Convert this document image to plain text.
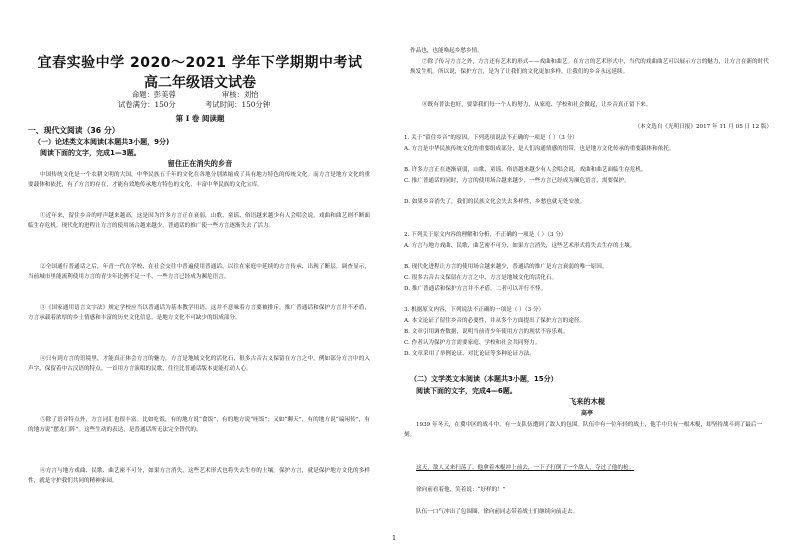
宜春实验中学 2020～2021 学年下学期期中考试
高二年级语文试卷
命题：彭美蓉	审核：刘怡
试卷满分：150分	考试时间：150分钟
第 Ⅰ 卷 阅读题
一、现代文阅读（36 分）
（一）论述类文本阅读(本题共3小题，9分)
阅读下面的文字，完成1—3题。
留住正在消失的乡音
中国传统文化是一个农耕文明的大国，中华民族五千年的文化在各地分别浓缩成了具有地方特色的传统文化。而方言是地方文化的重要载体和依托，有了方言的存在，才能有效地传承地方特色的文化，丰富中华民族的文化宝库。
①近年来，留住乡音的呼声越来越高，这是因为许多方言正在衰弱，山歌、童谣、俗语越来越少有人会唱会说，戏曲和曲艺则不断面临生存危机。现代化的进程让方言的使用场合越来越少，普通话的推广使一些方言逐渐失去了活力。
②全国通行普通话之后，年青一代在学校、在社会交往中普遍使用普通话，以往在家庭中延续的方言传承，出现了断层。调查显示，当前城市里能流利使用方言的青少年比例不足一半，一些方言已经成为濒危语言。
③《国家通用语言文字法》规定学校应当以普通话为基本教学用语，这并不意味着方言要被排斥。推广普通话和保护方言并不矛盾，方言承载着浓厚的乡土情感和丰富的历史文化信息，是地方文化不可缺少的组成部分。
④只有到方言的语境里，才能真正体会方言的魅力。方言是地域文化的活化石，很多古音古义保留在方言之中，例如部分方言中的入声字，保留着中古汉语的特点。一首用方言演唱的民歌，往往比普通话版本更能打动人心。
⑤除了语音特点外，方言词汇也很丰富。比如吃饭，有的地方说“食饭”，有的地方说“咥饭”；又如“聊天”，有的地方说“谝闲传”，有的地方说“摆龙门阵”。这些生动的表达，是普通话所无法完全替代的。
⑥方言与地方戏曲、民歌、曲艺密不可分，如果方言消失，这些艺术形式也将失去生存的土壤。保护方言，就是保护地方文化的多样性，就是守护我们共同的精神家园。
作品也，也能唤起乡愁乡情。
⑦除了传习方言之外，方言还有艺术的形式——戏曲和曲艺。在方言的艺术形式中，当代的戏曲曲艺可以展示方言的魅力，让方言在新的时代焕发生机。所以说，保护方言，是为了让我们的文化更加多样，让我们的乡音永远延续。
⑧既有普法也好，要靠我们每一个人的努力，从家庭、学校和社会做起，让乡音真正留下来。
（本文选自《光明日报》2017 年 11 月 05 日 12 版）
1. 关于“留住乡音”的原因，下列选项说法不正确的一项是（ ）（3 分）
A. 方言是中华民族传统文化的重要组成部分，是人们沟通情感的纽带，也是地方文化传承的重要载体和依托。
B. 许多方言正在逐渐衰弱，山歌、童谣、俗语越来越少有人会唱会说，戏曲和曲艺面临生存危机。
C. 推广普通话的同时，方言的使用场合越来越少，一些方言已经成为濒危语言，需要保护。
D. 如果乡音消失了，我们的民族文化会失去多样性，乡愁也就无处安放。
2. 下列关于原文内容的理解和分析，不正确的一项是（ ）（3 分）
A. 方言与地方戏曲、民歌、曲艺密不可分，如果方言消失，这些艺术形式将失去生存的土壤。
B. 现代化进程让方言的使用场合越来越少，普通话的推广是方言衰弱的唯一原因。
C. 很多古音古义保留在方言之中，方言是地域文化的活化石。
D. 推广普通话和保护方言并不矛盾，二者可以并行不悖。
3. 根据原文内容，下列说法不正确的一项是（ ）（3 分）
A. 本文论证了留住乡音的必要性，并从多个方面提出了保护方言的途径。
B. 文章引用调查数据，说明当前青少年使用方言的现状不容乐观。
C. 作者认为保护方言需要家庭、学校和社会共同努力。
D. 文章采用了举例论证、对比论证等多种论证方法。
（二）文学类文本阅读（本题共3小题，15分）
阅读下面的文字，完成4—6题。
飞来的木棍
高亭
1939 年冬天，在冀中区的战斗中，有一支队伍遭到了敌人的包围。队伍中有一位年轻的战士，他手中只有一根木棍，却坚持战斗到了最后一刻。
这天，敌人又来扫荡了。他拿着木棍冲上前去，一下子打倒了一个敌人，夺过了他的枪。
徐向前看着他，笑着说：“好样的！”
队伍一口气冲出了包围圈，徐向前同志带着战士们继续向前走去。
1
